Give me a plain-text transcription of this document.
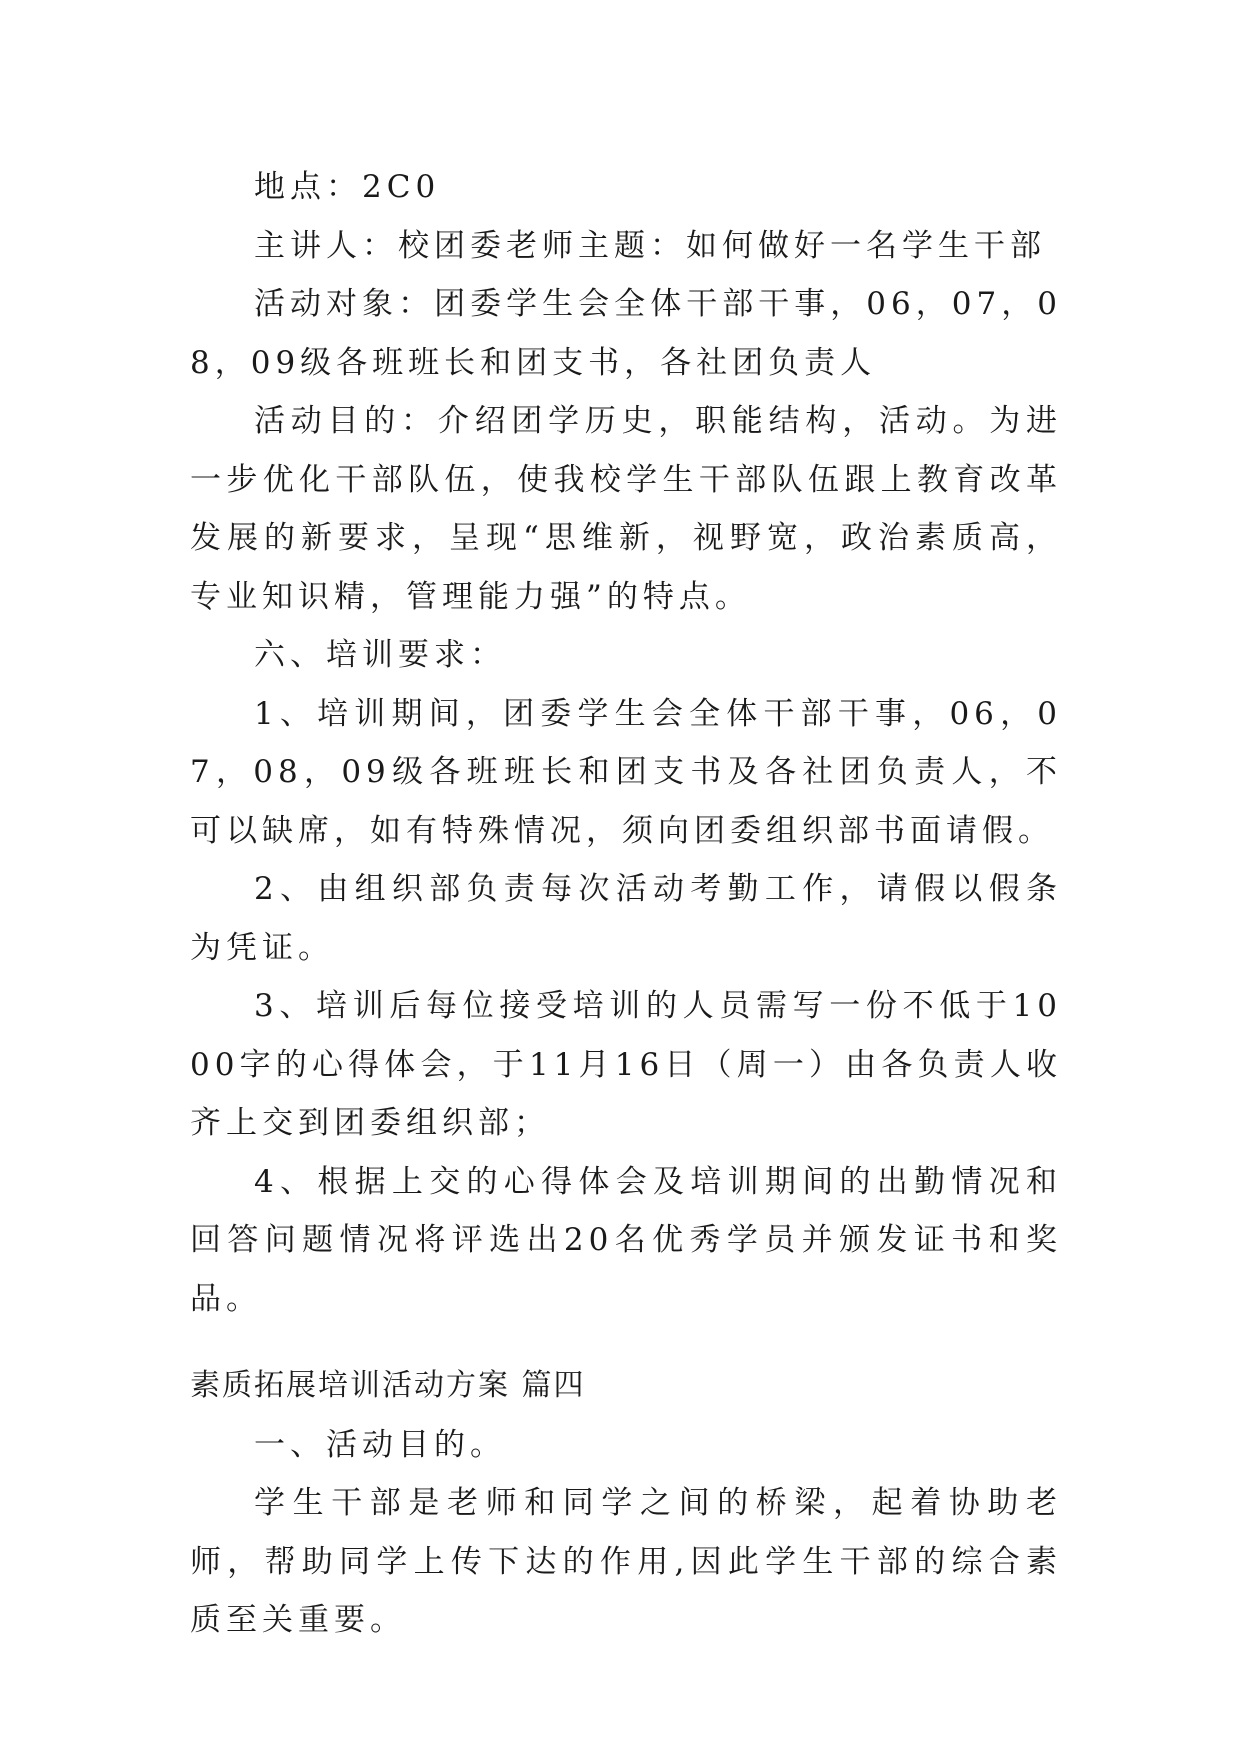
地点：2C0

主讲人：校团委老师主题：如何做好一名学生干部

活动对象：团委学生会全体干部干事，06，07，08，09级各班班长和团支书，各社团负责人

活动目的：介绍团学历史，职能结构，活动。为进一步优化干部队伍，使我校学生干部队伍跟上教育改革发展的新要求，呈现“思维新，视野宽，政治素质高，专业知识精，管理能力强”的特点。

六、培训要求：

1、培训期间，团委学生会全体干部干事，06，07，08，09级各班班长和团支书及各社团负责人，不可以缺席，如有特殊情况，须向团委组织部书面请假。

2、由组织部负责每次活动考勤工作，请假以假条为凭证。

3、培训后每位接受培训的人员需写一份不低于1000字的心得体会，于11月16日（周一）由各负责人收齐上交到团委组织部；

4、根据上交的心得体会及培训期间的出勤情况和回答问题情况将评选出20名优秀学员并颁发证书和奖品。

素质拓展培训活动方案 篇四

一、活动目的。

学生干部是老师和同学之间的桥梁，起着协助老师，帮助同学上传下达的作用,因此学生干部的综合素质至关重要。
